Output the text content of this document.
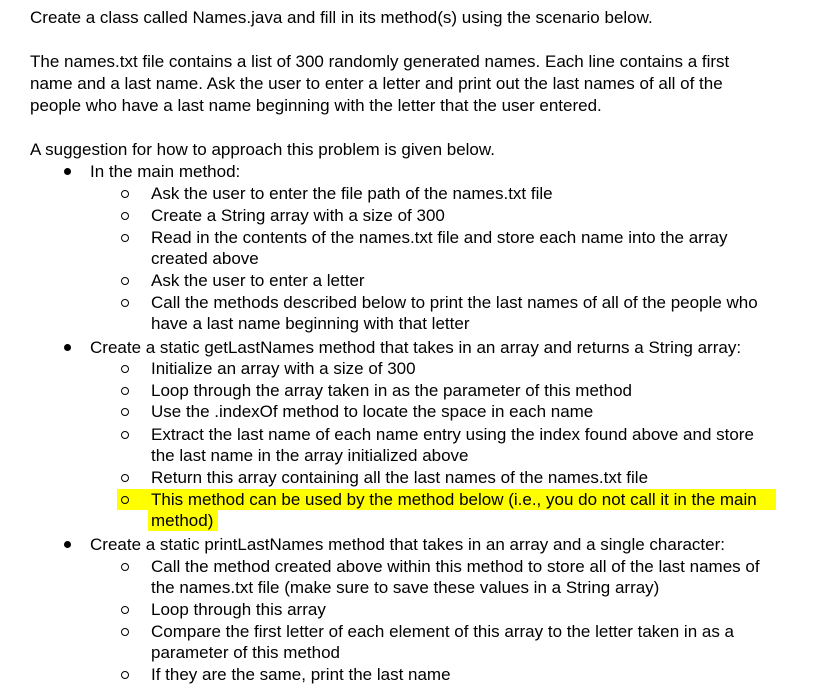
Create a class called Names.java and fill in its method(s) using the scenario below.
The names.txt file contains a list of 300 randomly generated names. Each line contains a first
name and a last name. Ask the user to enter a letter and print out the last names of all of the
people who have a last name beginning with the letter that the user entered.
A suggestion for how to approach this problem is given below.
In the main method:
Ask the user to enter the file path of the names.txt file
Create a String array with a size of 300
Read in the contents of the names.txt file and store each name into the array
created above
Ask the user to enter a letter
Call the methods described below to print the last names of all of the people who
have a last name beginning with that letter
Create a static getLastNames method that takes in an array and returns a String array:
Initialize an array with a size of 300
Loop through the array taken in as the parameter of this method
Use the .indexOf method to locate the space in each name
Extract the last name of each name entry using the index found above and store
the last name in the array initialized above
Return this array containing all the last names of the names.txt file
This method can be used by the method below (i.e., you do not call it in the main
method)
Create a static printLastNames method that takes in an array and a single character:
Call the method created above within this method to store all of the last names of
the names.txt file (make sure to save these values in a String array)
Loop through this array
Compare the first letter of each element of this array to the letter taken in as a
parameter of this method
If they are the same, print the last name
